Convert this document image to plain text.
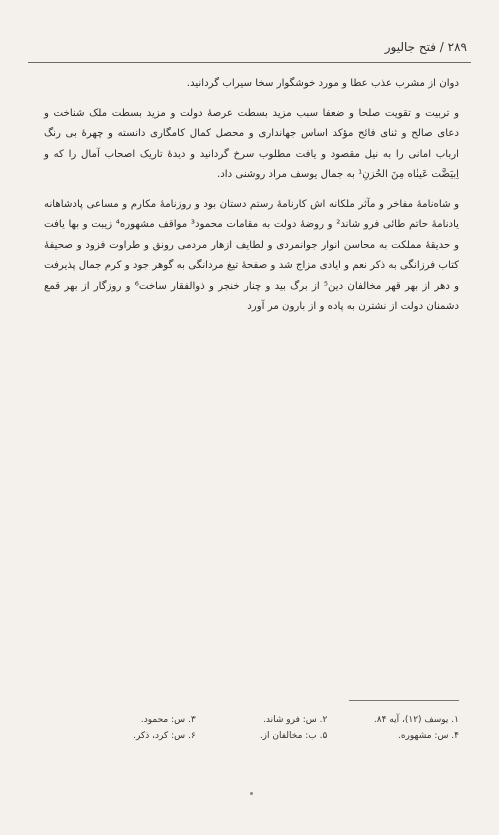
۲۸۹ / فتح جالیور

دوان از مشرب عذب عطا و مورد خوشگوار سخا سیراب گردانید.

و تربیت و تقویت صلحا و ضعفا سبب مزید بسطت عرصهٔ دولت و مزید بسطت ملک شناخت و دعای صالح و ثنای فائح مؤکد اساس جهانداری و محصل کمال کامگاری دانسته و چهرهٔ بی رنگ ارباب امانی را به نیل مقصود و یافت مطلوب سرخ گردانید و دیدهٔ تاریک اصحاب آمال را که و اِبیَضَّت عَینٰاه مِنَ الحُزنِ¹ به جمال یوسف مراد روشنی داد.

و شاه‌نامهٔ مفاخر و مآثر ملکانه اش کارنامهٔ رستم دستان بود و روزنامهٔ مکارم و مساعی پادشاهانه یادنامهٔ حاتم طائی فرو شاند² و روضهٔ دولت به مقامات محمود³ مواقف مشهوره⁴ زیبت و بها یافت و حدیقهٔ مملکت به محاسن انوار جوانمردی و لطایف ازهار مردمی رونق و طراوت فزود و صحیفهٔ کتاب فرزانگی به ذکر نعم و ایادی مزاج شد و صفحهٔ تیغ مردانگی به گوهر جود و کرم جمال پذیرفت و دهر از بهر قهر مخالفان دین⁵ از برگ بید و چنار خنجر و ذوالفقار ساخت⁶ و روزگار از بهر قمع دشمنان دولت از نشترن به پاده و از بارون مر آورد

۱. یوسف (۱۲)، آیه ۸۴.
۲. س: فرو شاند.
۳. س: محمود.
۴. س: مشهوره.
۵. ب: مخالفان از.
۶. س: کرد، ذکر.
